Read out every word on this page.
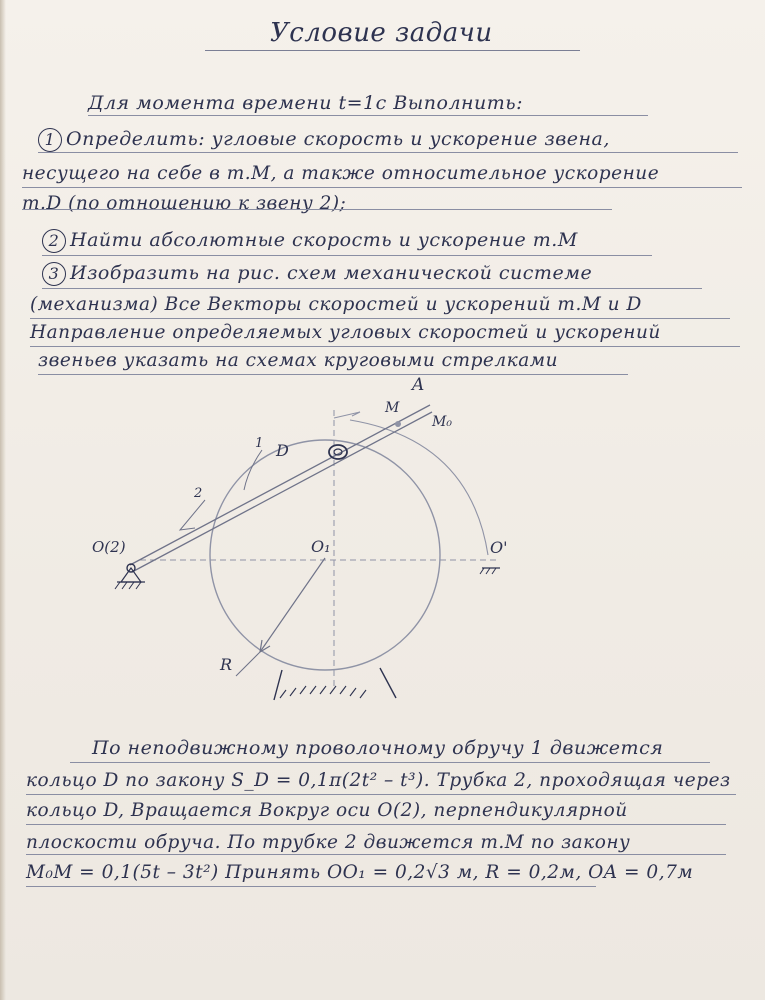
Условие задачи
Для момента времени t=1c Выполнить:
1 Определить: угловые скорость и ускорение звена,
несущего на себе в т.M, а также относительное ускорение
т.D (по отношению к звену 2);
2 Найти абсолютные скорость и ускорение т.M
3 Изобразить на рис. схем механической системе
(механизма) Все Векторы скоростей и ускорений т.M и D
Направление определяемых угловых скоростей и ускорений
звеньев указать на схемах круговыми стрелками
A
M
M₀
D
1
2
O(2)	O₁	O'
R
По неподвижному проволочному обручу 1 движется
кольцо D по закону S_D = 0,1π(2t² – t³). Трубка 2, проходящая через
кольцо D, Вращается Вокруг оси O(2), перпендикулярной
плоскости обруча. По трубке 2 движется т.M по закону
M₀M = 0,1(5t – 3t²) Принять OO₁ = 0,2√3 м, R = 0,2м, OA = 0,7м
